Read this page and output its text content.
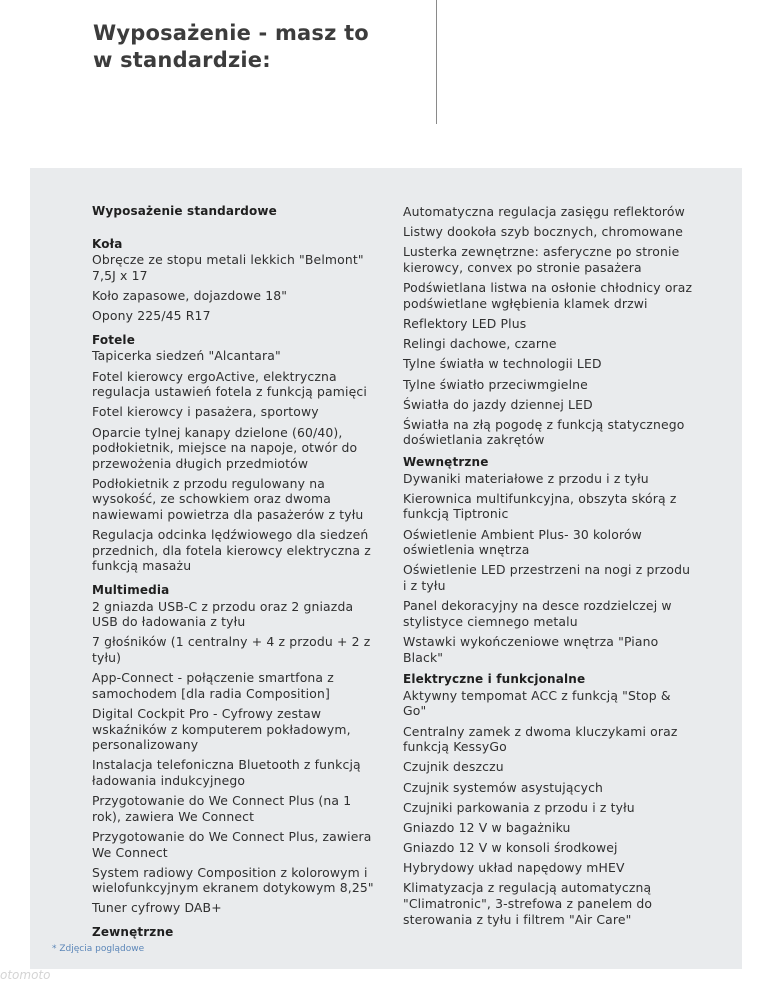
Wyposażenie - masz to
w standardzie:
Wyposażenie standardowe
Koła
Obręcze ze stopu metali lekkich "Belmont" 7,5J x 17
Koło zapasowe, dojazdowe 18"
Opony 225/45 R17
Fotele
Tapicerka siedzeń "Alcantara"
Fotel kierowcy ergoActive, elektryczna regulacja ustawień fotela z funkcją pamięci
Fotel kierowcy i pasażera, sportowy
Oparcie tylnej kanapy dzielone (60/40), podłokietnik, miejsce na napoje, otwór do przewożenia długich przedmiotów
Podłokietnik z przodu regulowany na wysokość, ze schowkiem oraz dwoma nawiewami powietrza dla pasażerów z tyłu
Regulacja odcinka lędźwiowego dla siedzeń przednich, dla fotela kierowcy elektryczna z funkcją masażu
Multimedia
2 gniazda USB-C z przodu oraz 2 gniazda USB do ładowania z tyłu
7 głośników (1 centralny + 4 z przodu + 2 z tyłu)
App-Connect - połączenie smartfona z samochodem [dla radia Composition]
Digital Cockpit Pro - Cyfrowy zestaw wskaźników z komputerem pokładowym, personalizowany
Instalacja telefoniczna Bluetooth z funkcją ładowania indukcyjnego
Przygotowanie do We Connect Plus (na 1 rok), zawiera We Connect
Przygotowanie do We Connect Plus, zawiera We Connect
System radiowy Composition z kolorowym i wielofunkcyjnym ekranem dotykowym 8,25"
Tuner cyfrowy DAB+
Zewnętrzne
Automatyczna regulacja zasięgu reflektorów
Listwy dookoła szyb bocznych, chromowane
Lusterka zewnętrzne: asferyczne po stronie kierowcy, convex po stronie pasażera
Podświetlana listwa na osłonie chłodnicy oraz podświetlane wgłębienia klamek drzwi
Reflektory LED Plus
Relingi dachowe, czarne
Tylne światła w technologii LED
Tylne światło przeciwmgielne
Światła do jazdy dziennej LED
Światła na złą pogodę z funkcją statycznego doświetlania zakrętów
Wewnętrzne
Dywaniki materiałowe z przodu i z tyłu
Kierownica multifunkcyjna, obszyta skórą z funkcją Tiptronic
Oświetlenie Ambient Plus- 30 kolorów oświetlenia wnętrza
Oświetlenie LED przestrzeni na nogi z przodu i z tyłu
Panel dekoracyjny na desce rozdzielczej w stylistyce ciemnego metalu
Wstawki wykończeniowe wnętrza "Piano Black"
Elektryczne i funkcjonalne
Aktywny tempomat ACC z funkcją "Stop & Go"
Centralny zamek z dwoma kluczykami oraz funkcją KessyGo
Czujnik deszczu
Czujnik systemów asystujących
Czujniki parkowania z przodu i z tyłu
Gniazdo 12 V w bagażniku
Gniazdo 12 V w konsoli środkowej
Hybrydowy układ napędowy mHEV
Klimatyzacja z regulacją automatyczną "Climatronic", 3-strefowa z panelem do sterowania z tyłu i filtrem "Air Care"
* Zdjęcia poglądowe
otomoto
